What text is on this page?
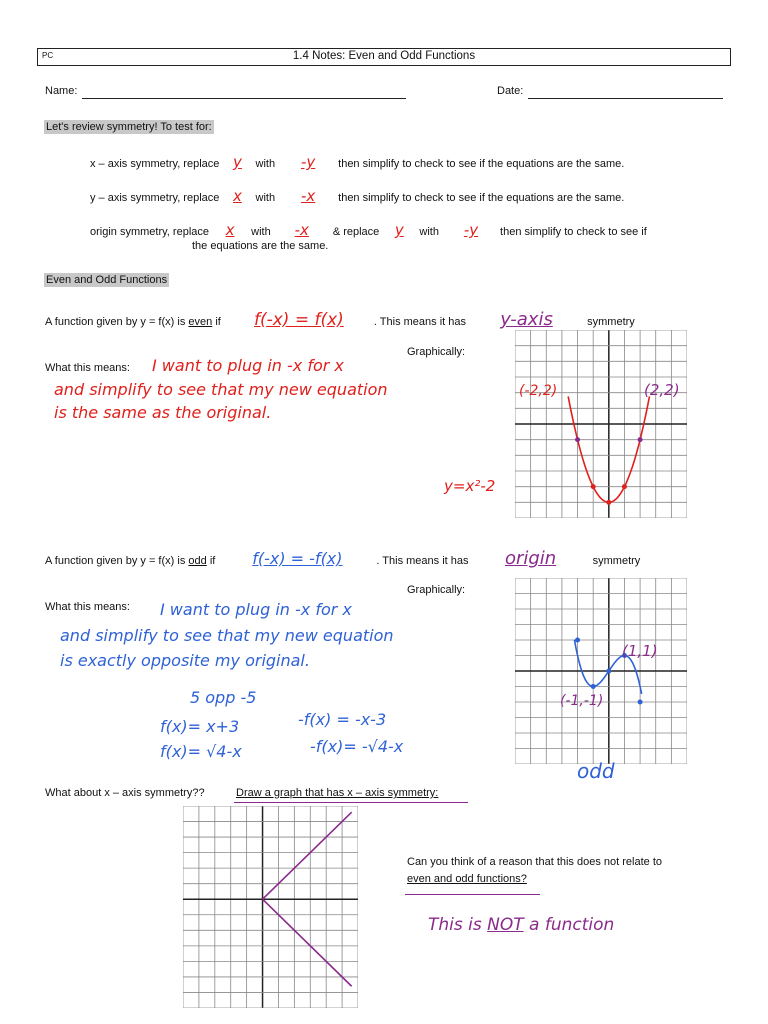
PC	1.4 Notes: Even and Odd Functions
Name:	Date:
Let's review symmetry! To test for:
x – axis symmetry, replace y with -y then simplify to check to see if the equations are the same.
y – axis symmetry, replace x with -x then simplify to check to see if the equations are the same.
origin symmetry, replace x with -x & replace y with -y then simplify to check to see if
the equations are the same.
Even and Odd Functions
A function given by y = f(x) is even if f(-x) = f(x)	. This means it has y-axis	symmetry
Graphically:
What this means: I want to plug in -x for x
and simplify to see that my new equation
is the same as the original.
(-2,2)	(2,2)
y=x²-2
A function given by y = f(x) is odd if f(-x) = -f(x)	. This means it has origin	symmetry
Graphically:
What this means: I want to plug in -x for x
and simplify to see that my new equation
is exactly opposite my original.
5 opp -5
f(x)= x+3	-f(x) = -x-3
f(x)= √4-x	-f(x)= -√4-x
(1,1)
(-1,-1)
odd
What about x – axis symmetry??	Draw a graph that has x – axis symmetry:
Can you think of a reason that this does not relate to
even and odd functions?
This is NOT a function
